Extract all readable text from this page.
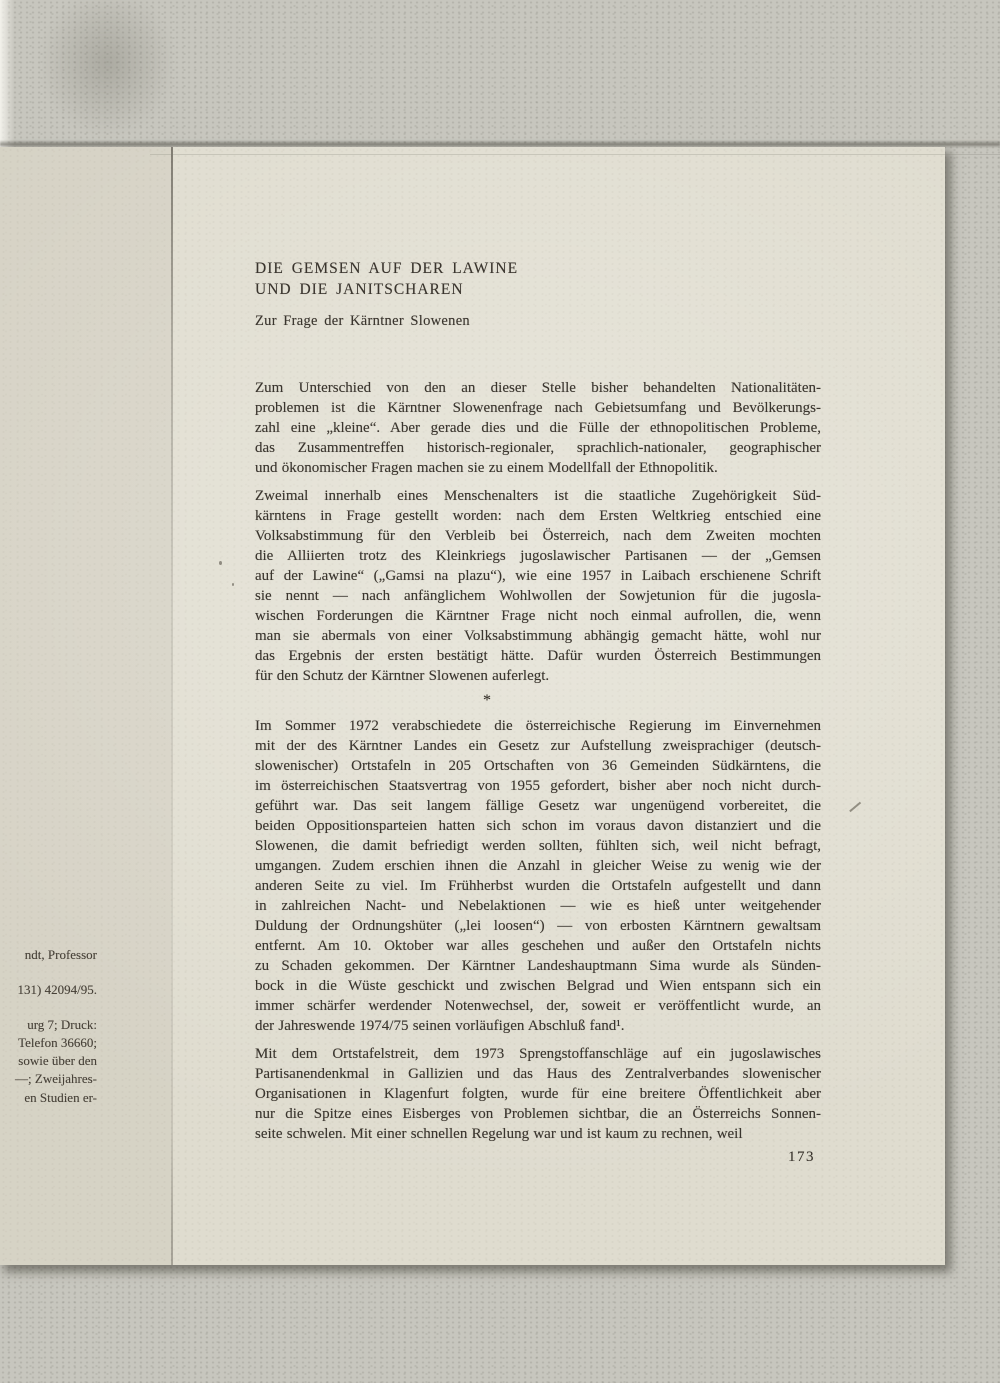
DIE GEMSEN AUF DER LAWINE
UND DIE JANITSCHAREN
Zur Frage der Kärntner Slowenen
Zum Unterschied von den an dieser Stelle bisher behandelten Nationalitäten-
problemen ist die Kärntner Slowenenfrage nach Gebietsumfang und Bevölkerungs-
zahl eine „kleine“. Aber gerade dies und die Fülle der ethnopolitischen Probleme,
das Zusammentreffen historisch-regionaler, sprachlich-nationaler, geographischer
und ökonomischer Fragen machen sie zu einem Modellfall der Ethnopolitik.
Zweimal innerhalb eines Menschenalters ist die staatliche Zugehörigkeit Süd-
kärntens in Frage gestellt worden: nach dem Ersten Weltkrieg entschied eine
Volksabstimmung für den Verbleib bei Österreich, nach dem Zweiten mochten
die Alliierten trotz des Kleinkriegs jugoslawischer Partisanen — der „Gemsen
auf der Lawine“ („Gamsi na plazu“), wie eine 1957 in Laibach erschienene Schrift
sie nennt — nach anfänglichem Wohlwollen der Sowjetunion für die jugosla-
wischen Forderungen die Kärntner Frage nicht noch einmal aufrollen, die, wenn
man sie abermals von einer Volksabstimmung abhängig gemacht hätte, wohl nur
das Ergebnis der ersten bestätigt hätte. Dafür wurden Österreich Bestimmungen
für den Schutz der Kärntner Slowenen auferlegt.
*
Im Sommer 1972 verabschiedete die österreichische Regierung im Einvernehmen
mit der des Kärntner Landes ein Gesetz zur Aufstellung zweisprachiger (deutsch-
slowenischer) Ortstafeln in 205 Ortschaften von 36 Gemeinden Südkärntens, die
im österreichischen Staatsvertrag von 1955 gefordert, bisher aber noch nicht durch-
geführt war. Das seit langem fällige Gesetz war ungenügend vorbereitet, die
beiden Oppositionsparteien hatten sich schon im voraus davon distanziert und die
Slowenen, die damit befriedigt werden sollten, fühlten sich, weil nicht befragt,
umgangen. Zudem erschien ihnen die Anzahl in gleicher Weise zu wenig wie der
anderen Seite zu viel. Im Frühherbst wurden die Ortstafeln aufgestellt und dann
in zahlreichen Nacht- und Nebelaktionen — wie es hieß unter weitgehender
Duldung der Ordnungshüter („lei loosen“) — von erbosten Kärntnern gewaltsam
entfernt. Am 10. Oktober war alles geschehen und außer den Ortstafeln nichts
zu Schaden gekommen. Der Kärntner Landeshauptmann Sima wurde als Sünden-
bock in die Wüste geschickt und zwischen Belgrad und Wien entspann sich ein
immer schärfer werdender Notenwechsel, der, soweit er veröffentlicht wurde, an
der Jahreswende 1974/75 seinen vorläufigen Abschluß fand¹.
Mit dem Ortstafelstreit, dem 1973 Sprengstoffanschläge auf ein jugoslawisches
Partisanendenkmal in Gallizien und das Haus des Zentralverbandes slowenischer
Organisationen in Klagenfurt folgten, wurde für eine breitere Öffentlichkeit aber
nur die Spitze eines Eisberges von Problemen sichtbar, die an Österreichs Sonnen-
seite schwelen. Mit einer schnellen Regelung war und ist kaum zu rechnen, weil
173
ndt, Professor
131) 42094/95.
urg 7; Druck:
Telefon 36660;
sowie über den
—; Zweijahres-
en Studien er-
